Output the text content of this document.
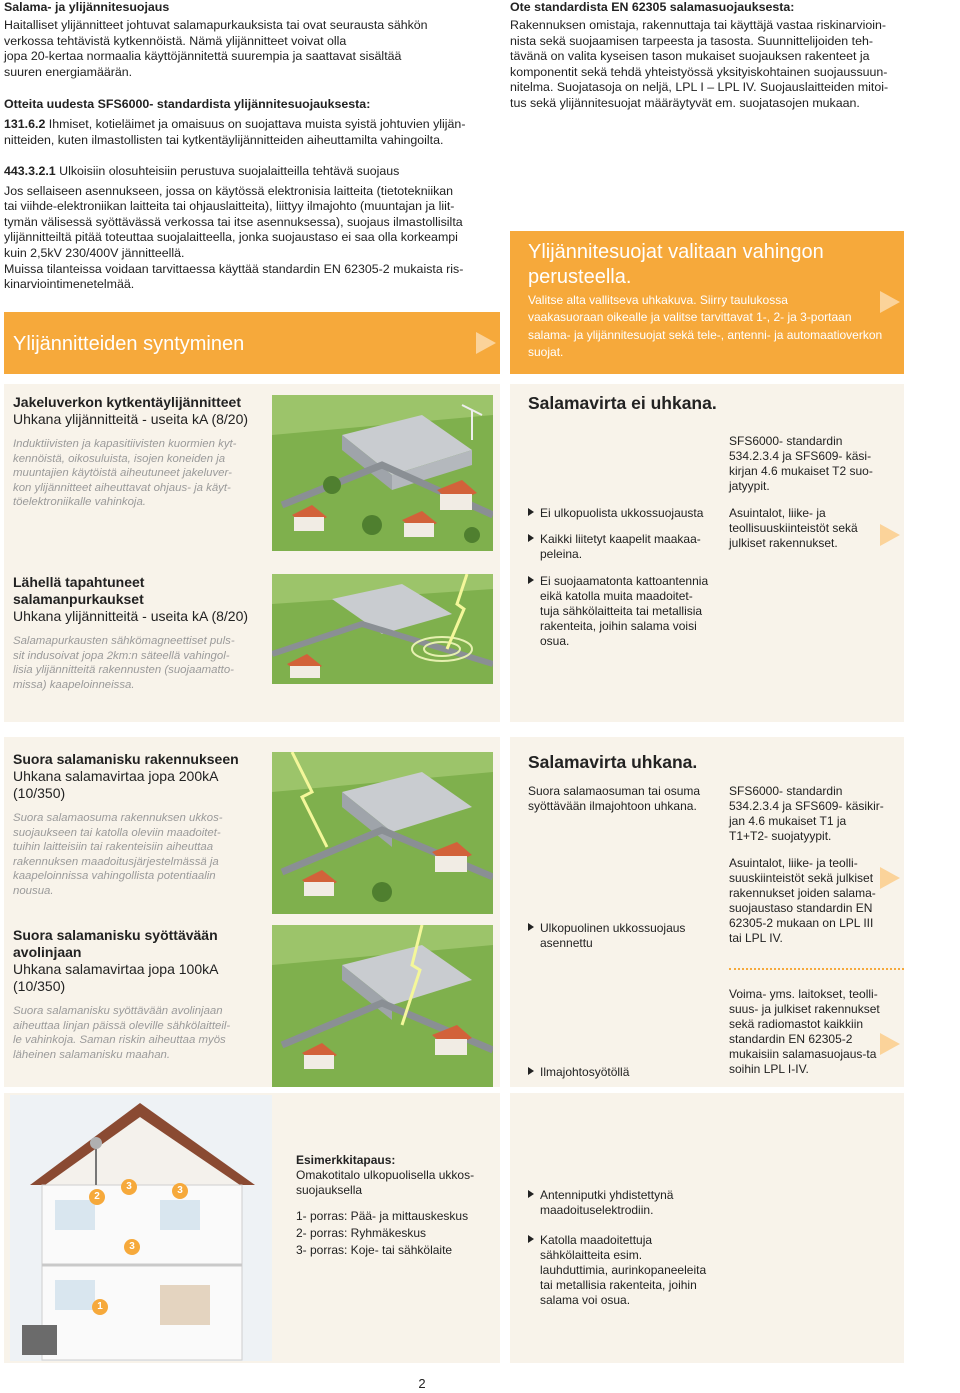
Salama- ja ylijännitesuojaus
Haitalliset ylijännitteet johtuvat salamapurkauksista tai ovat seurausta sähkön
verkossa tehtävistä kytkennöistä. Nämä ylijännitteet voivat olla
jopa 20-kertaa normaalia käyttöjännitettä suurempia ja saattavat sisältää
suuren energiamäärän.
Otteita uudesta SFS6000- standardista ylijännitesuojauksesta:
131.6.2 Ihmiset, kotieläimet ja omaisuus on suojattava muista syistä johtuvien ylijän-
nitteiden, kuten ilmastollisten tai kytkentäylijännitteiden aiheuttamilta vahingoilta.
443.3.2.1 Ulkoisiin olosuhteisiin perustuva suojalaitteilla tehtävä suojaus
Jos sellaiseen asennukseen, jossa on käytössä elektronisia laitteita (tietotekniikan
tai viihde-elektroniikan laitteita tai ohjauslaitteita), liittyy ilmajohto (muuntajan ja liit-
tymän välisessä syöttävässä verkossa tai itse asennuksessa), suojaus ilmastollisilta
ylijännitteiltä pitää toteuttaa suojalaitteella, jonka suojaustaso ei saa olla korkeampi
kuin 2,5kV 230/400V jännitteellä.
Muissa tilanteissa voidaan tarvittaessa käyttää standardin EN 62305-2 mukaista ris-
kinarviointimenetelmää.
Ote standardista EN 62305 salamasuojauksesta:
Rakennuksen omistaja, rakennuttaja tai käyttäjä vastaa riskinarvioin-
nista sekä suojaamisen tarpeesta ja tasosta. Suunnittelijoiden teh-
tävänä on valita kyseisen tason mukaiset suojauksen rakenteet ja
komponentit sekä tehdä yhteistyössä yksityiskohtainen suojaussuun-
nitelma. Suojatasoja on neljä, LPL I – LPL IV. Suojauslaitteiden mitoi-
tus sekä ylijännitesuojat määräytyvät em. suojatasojen mukaan.
Ylijännitteiden syntyminen
Ylijännitesuojat valitaan vahingon
perusteella.
Valitse alta vallitseva uhkakuva. Siirry taulukossa
vaakasuoraan oikealle ja valitse tarvittavat 1-, 2- ja 3-portaan
salama- ja ylijännitesuojat sekä tele-, antenni- ja automaatioverkon
suojat.
Jakeluverkon kytkentäylijännitteet
Uhkana ylijännitteitä - useita kA (8/20)
Induktiivisten ja kapasitiivisten kuormien kyt-
kennöistä, oikosuluista, isojen koneiden ja
muuntajien käytöistä aiheutuneet jakeluver-
kon ylijännitteet aiheuttavat ohjaus- ja käyt-
töelektroniikalle vahinkoja.
Lähellä tapahtuneet
salamanpurkaukset
Uhkana ylijännitteitä - useita kA (8/20)
Salamapurkausten sähkömagneettiset puls-
sit indusoivat jopa 2km:n säteellä vahingol-
lisia ylijännitteitä rakennusten (suojaamatto-
missa) kaapeloinneissa.
Salamavirta ei uhkana.
Ei ulkopuolista ukkossuojausta
Kaikki liitetyt kaapelit maakaa-
peleina.
Ei suojaamatonta kattoantennia
eikä katolla muita maadoitet-
tuja sähkölaitteita tai metallisia
rakenteita, joihin salama voisi
osua.
SFS6000- standardin
534.2.3.4 ja SFS609- käsi-
kirjan 4.6 mukaiset T2 suo-
jatyypit.
Asuintalot, liike- ja
teollisuuskiinteistöt sekä
julkiset rakennukset.
Suora salamanisku rakennukseen
Uhkana salamavirtaa jopa 200kA
(10/350)
Suora salamaosuma rakennuksen ukkos-
suojaukseen tai katolla oleviin maadoitet-
tuihin laitteisiin tai rakenteisiin aiheuttaa
rakennuksen maadoitusjärjestelmässä ja
kaapeloinnissa vahingollista potentiaalin
nousua.
Suora salamanisku syöttävään
avolinjaan
Uhkana salamavirtaa jopa 100kA
(10/350)
Suora salamanisku syöttävään avolinjaan
aiheuttaa linjan päissä oleville sähkölaitteil-
le vahinkoja. Saman riskin aiheuttaa myös
läheinen salamanisku maahan.
Salamavirta uhkana.
Suora salamaosuman tai osuma
syöttävään ilmajohtoon uhkana.
Ulkopuolinen ukkossuojaus
asennettu
Ilmajohtosyötöllä
SFS6000- standardin
534.2.3.4 ja SFS609- käsikir-
jan 4.6 mukaiset T1 ja
T1+T2- suojatyypit.
Asuintalot, liike- ja teolli-
suuskiinteistöt sekä julkiset
rakennukset joiden salama-
suojaustaso standardin EN
62305-2 mukaan on LPL III
tai LPL IV.
Voima- yms. laitokset, teolli-
suus- ja julkiset rakennukset
sekä radiomastot kaikkiin
standardin EN 62305-2
mukaisiin salamasuojaus-ta
soihin LPL I-IV.
2
3	3
3
1
Esimerkkitapaus:
Omakotitalo ulkopuolisella ukkos-
suojauksella
1- porras: Pää- ja mittauskeskus
2- porras: Ryhmäkeskus
3- porras: Koje- tai sähkölaite
Antenniputki yhdistettynä
maadoituselektrodiin.
Katolla maadoitettuja
sähkölaitteita esim.
lauhduttimia, aurinkopaneeleita
tai metallisia rakenteita, joihin
salama voi osua.
2
